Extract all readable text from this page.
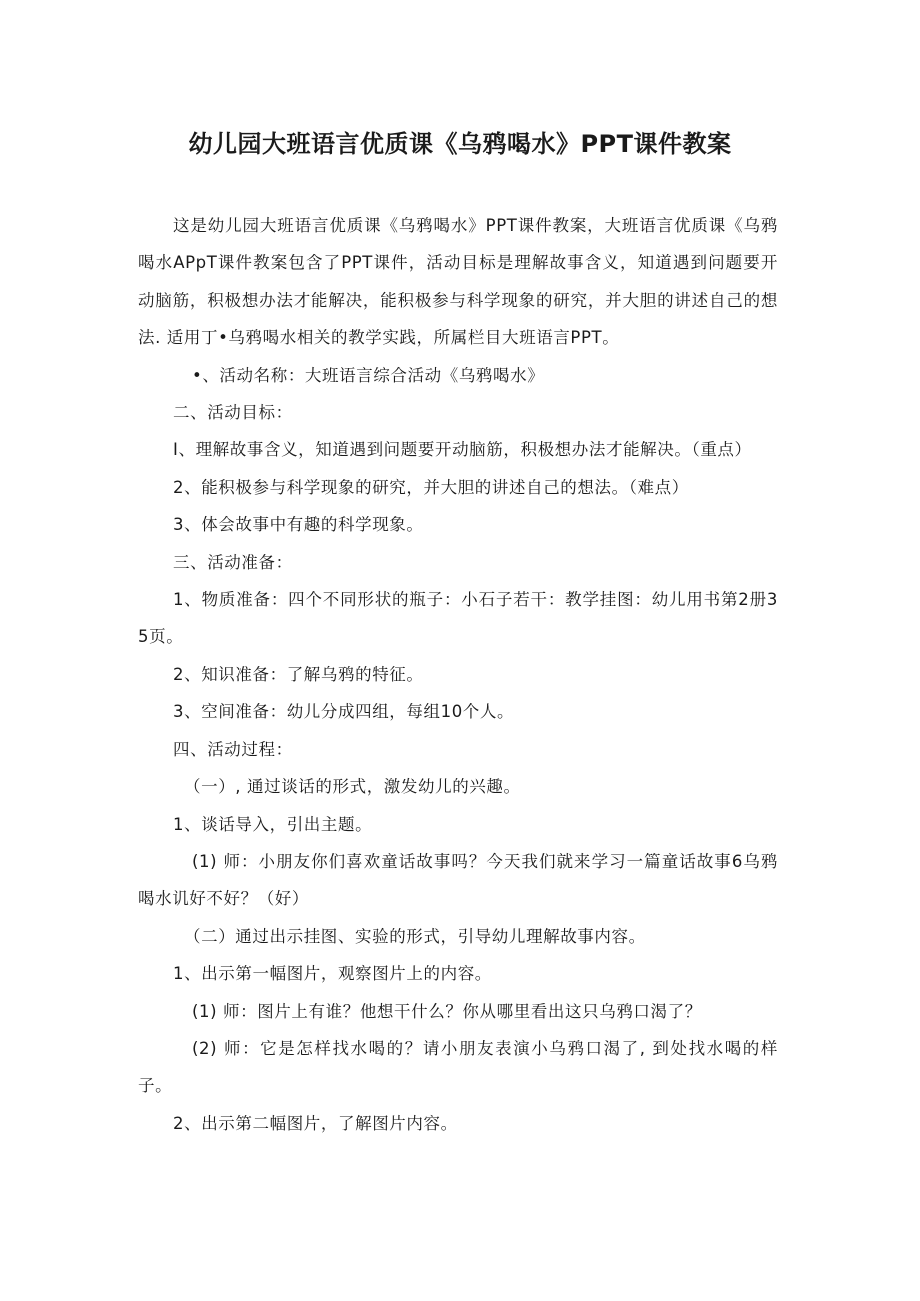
幼儿园大班语言优质课《乌鸦喝水》PPT课件教案

这是幼儿园大班语言优质课《乌鸦喝水》PPT课件教案，大班语言优质课《乌鸦喝水APpT课件教案包含了PPT课件，活动目标是理解故事含义，知道遇到问题要开动脑筋，积极想办法才能解决，能积极参与科学现象的研究，并大胆的讲述自己的想法. 适用丁•乌鸦喝水相关的教学实践，所属栏目大班语言PPT。

•、活动名称：大班语言综合活动《乌鸦喝水》

二、活动目标：

I、理解故事含义，知道遇到问题要开动脑筋，积极想办法才能解决。（重点）

2、能积极参与科学现象的研究，并大胆的讲述自己的想法。（难点）

3、体会故事中有趣的科学现象。

三、活动准备：

1、物质准备：四个不同形状的瓶子：小石子若干：教学挂图：幼儿用书第2册35页。

2、知识准备：了解乌鸦的特征。

3、空间准备：幼儿分成四组，每组10个人。

四、活动过程：

（一）, 通过谈话的形式，激发幼儿的兴趣。

1、谈话导入，引出主题。

(1) 师：小朋友你们喜欢童话故事吗？今天我们就来学习一篇童话故事6乌鸦喝水讥好不好？（好）

（二）通过出示挂图、实验的形式，引导幼儿理解故事内容。

1、出示第一幅图片，观察图片上的内容。

(1) 师：图片上有谁？他想干什么？你从哪里看出这只乌鸦口渴了？

(2) 师：它是怎样找水喝的？请小朋友表演小乌鸦口渴了, 到处找水喝的样子。

2、出示第二幅图片，了解图片内容。
